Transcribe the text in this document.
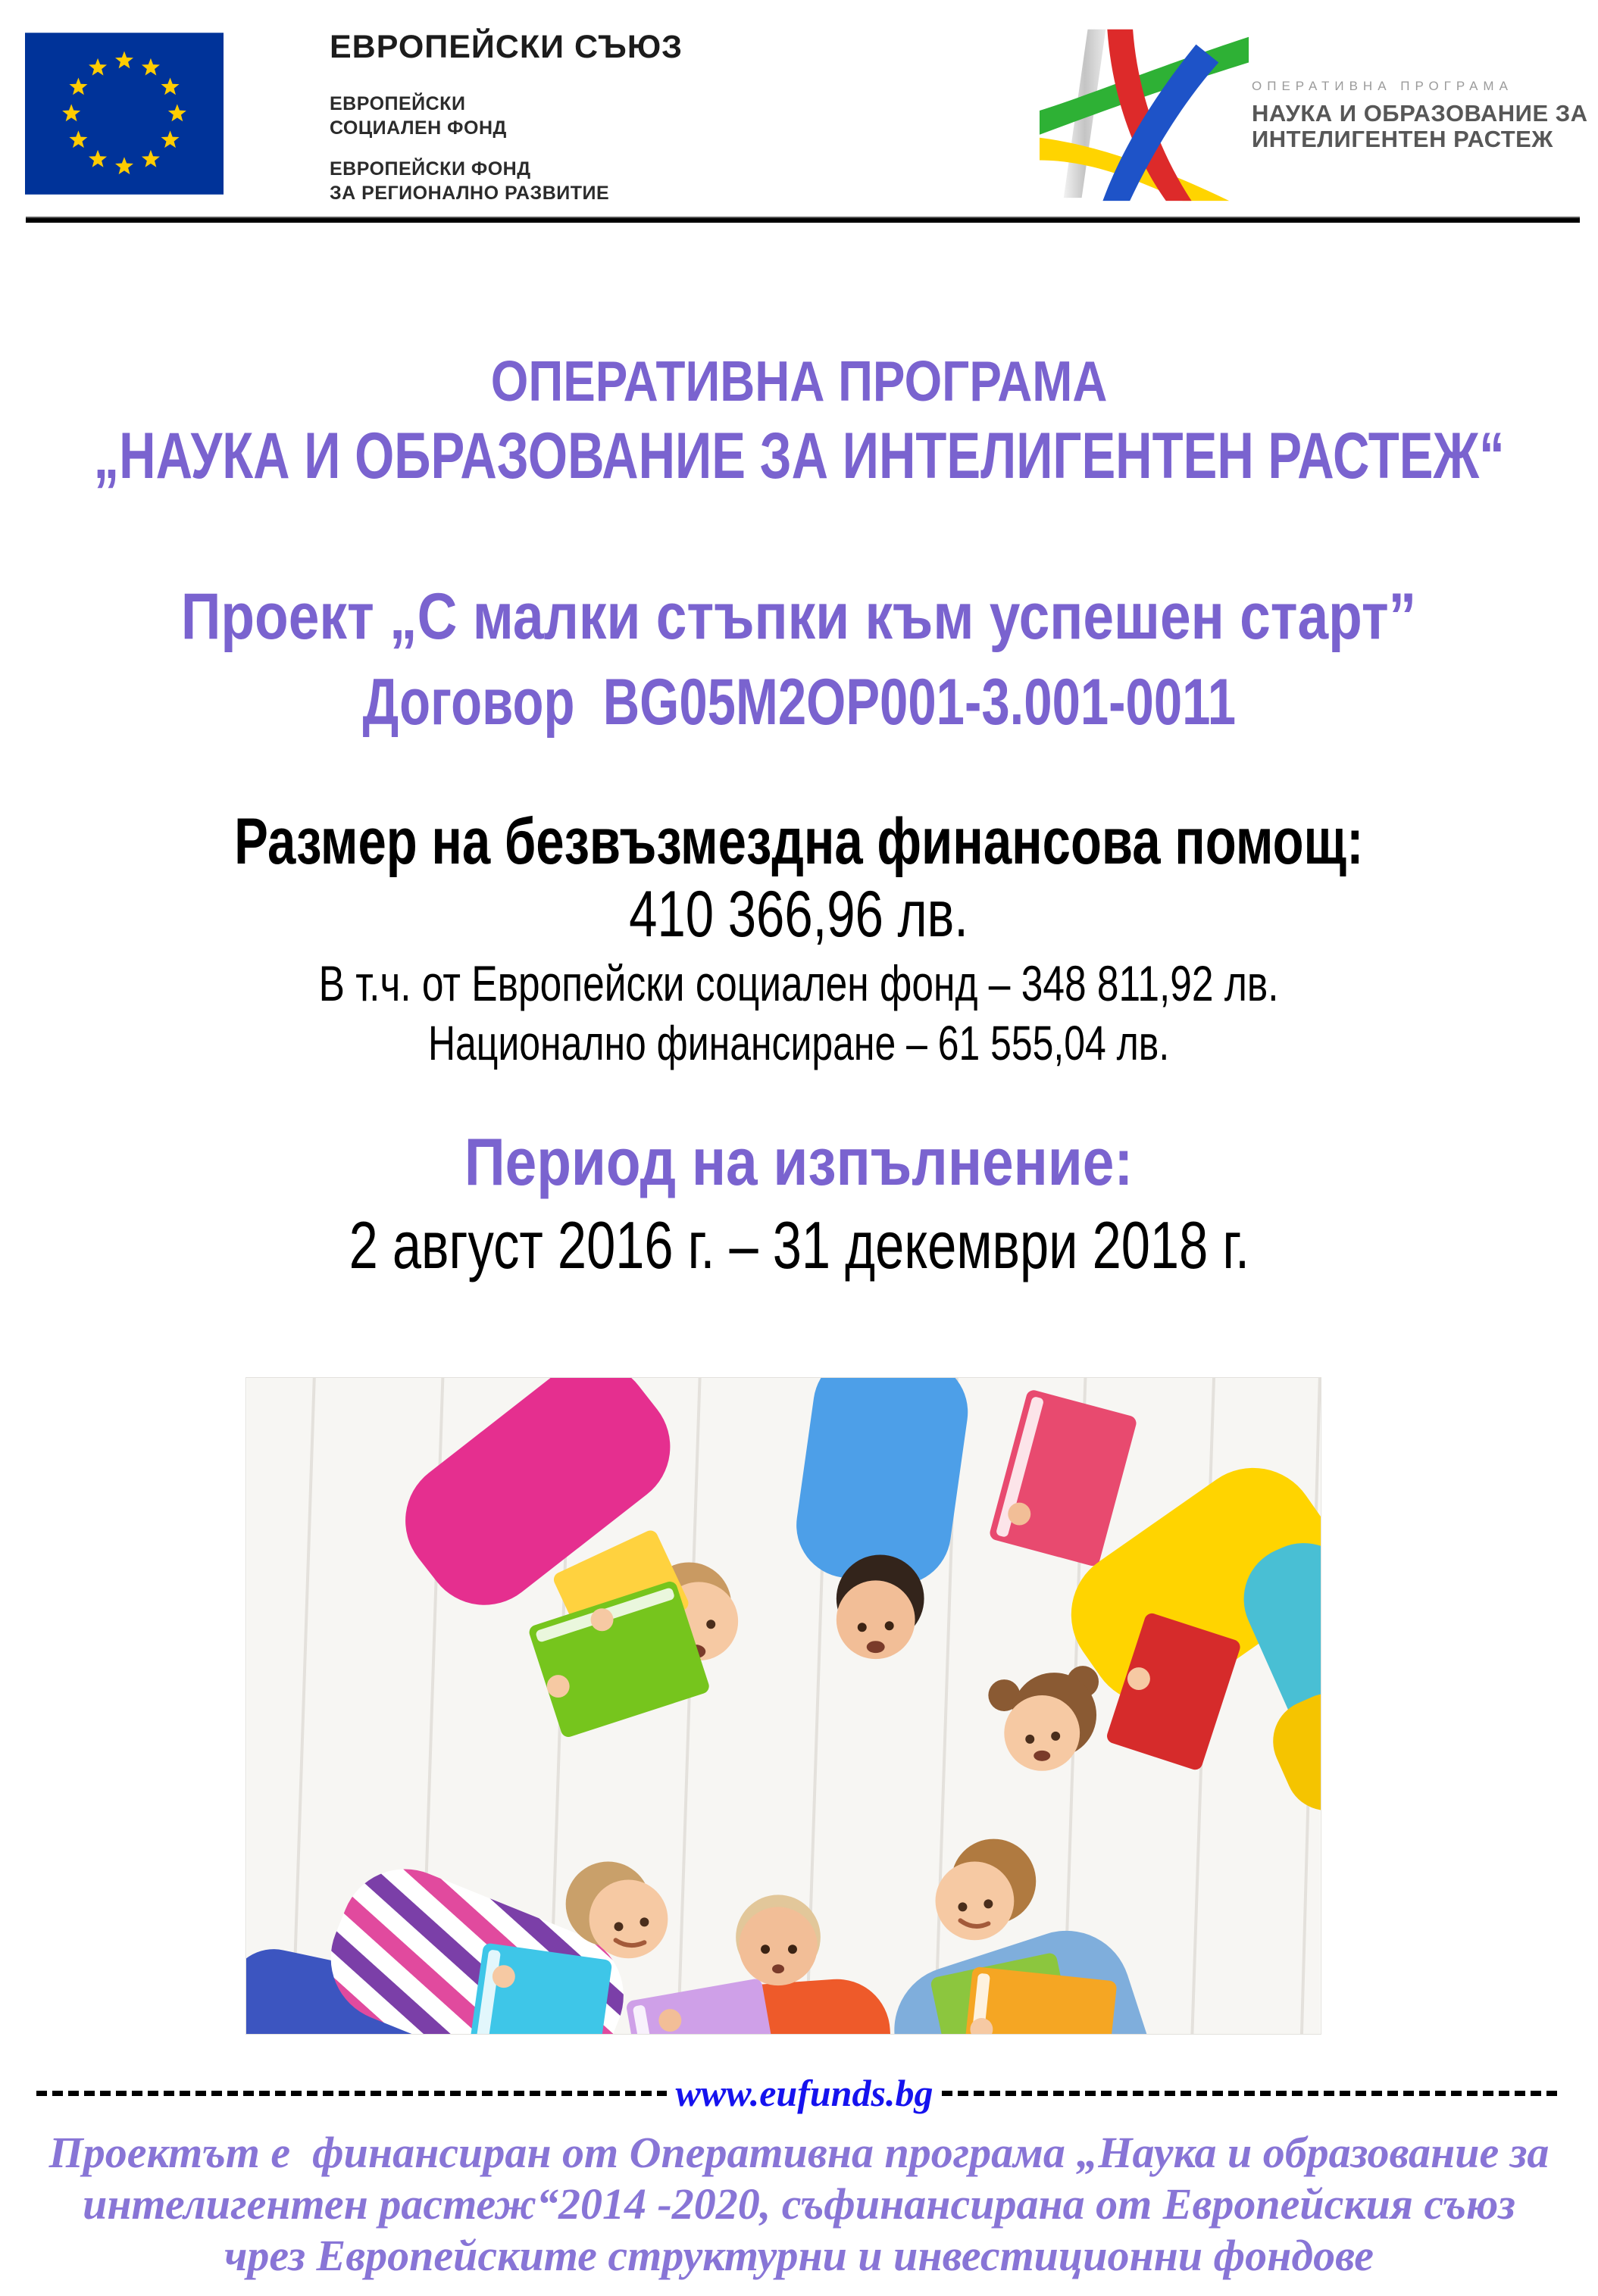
ЕВРОПЕЙСКИ СЪЮЗ
ЕВРОПЕЙСКИ
СОЦИАЛЕН ФОНД
ЕВРОПЕЙСКИ ФОНД
ЗА РЕГИОНАЛНО РАЗВИТИЕ
ОПЕРАТИВНА ПРОГРАМА
НАУКА И ОБРАЗОВАНИЕ ЗА
ИНТЕЛИГЕНТЕН РАСТЕЖ
ОПЕРАТИВНА ПРОГРАМА
„НАУКА И ОБРАЗОВАНИЕ ЗА ИНТЕЛИГЕНТЕН РАСТЕЖ“
Проект „С малки стъпки към успешен старт”
Договор  BG05M2OP001-3.001-0011
Размер на безвъзмездна финансова помощ:
410 366,96 лв.
В т.ч. от Европейски социален фонд – 348 811,92 лв.
Национално финансиране – 61 555,04 лв.
Период на изпълнение:
2 август 2016 г. – 31 декември 2018 г.
www.eufunds.bg
Проектът е  финансиран от Оперативна програма „Наука и образование за
интелигентен растеж“2014 -2020, съфинансирана от Европейския съюз
чрез Европейските структурни и инвестиционни фондове
